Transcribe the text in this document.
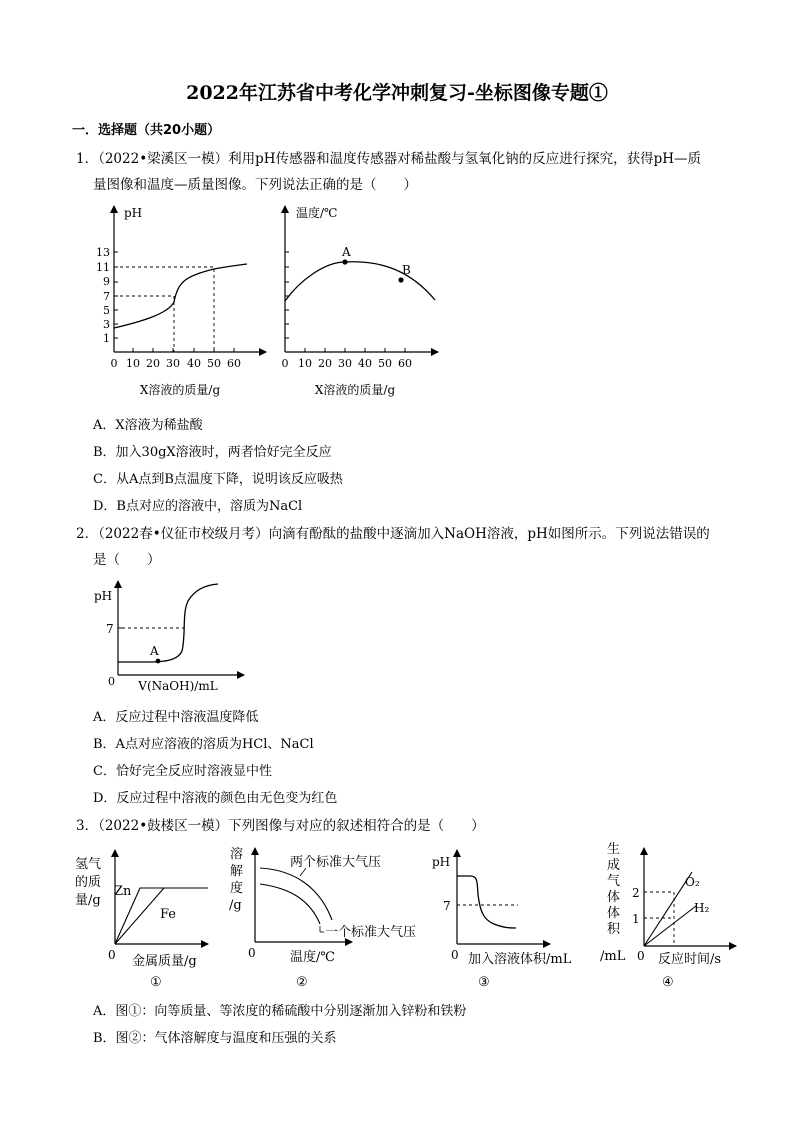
2022年江苏省中考化学冲刺复习-坐标图像专题①
一．选择题（共20小题）
1．（2022•梁溪区一模）利用pH传感器和温度传感器对稀盐酸与氢氧化钠的反应进行探究，获得pH—质
量图像和温度—质量图像。下列说法正确的是（　　）
pH
1
3
5
7
9
11
13
0 10 20 30 40 50 60
X溶液的质量/g
温度/℃
0 10 20 30 40 50 60
A
B
X溶液的质量/g
A．X溶液为稀盐酸
B．加入30gX溶液时，两者恰好完全反应
C．从A点到B点温度下降，说明该反应吸热
D．B点对应的溶液中，溶质为NaCl
2．（2022春•仪征市校级月考）向滴有酚酞的盐酸中逐滴加入NaOH溶液，pH如图所示。下列说法错误的
是（　　）
pH
7
0
A
V(NaOH)/mL
A．反应过程中溶液温度降低
B．A点对应溶液的溶质为HCl、NaCl
C．恰好完全反应时溶液显中性
D．反应过程中溶液的颜色由无色变为红色
3．（2022•鼓楼区一模）下列图像与对应的叙述相符合的是（　　）
氢气
的质
量/g
Zn
Fe
0 金属质量/g
①
溶
解
度
/g
两个标准大气压
一个标准大气压
0	温度/℃
②
pH
7
0 加入溶液体积/mL
③
生
成
气
体
体
积
/mL
2
1
O₂
H₂
0 反应时间/s
④
A．图①：向等质量、等浓度的稀硫酸中分别逐渐加入锌粉和铁粉
B．图②：气体溶解度与温度和压强的关系
